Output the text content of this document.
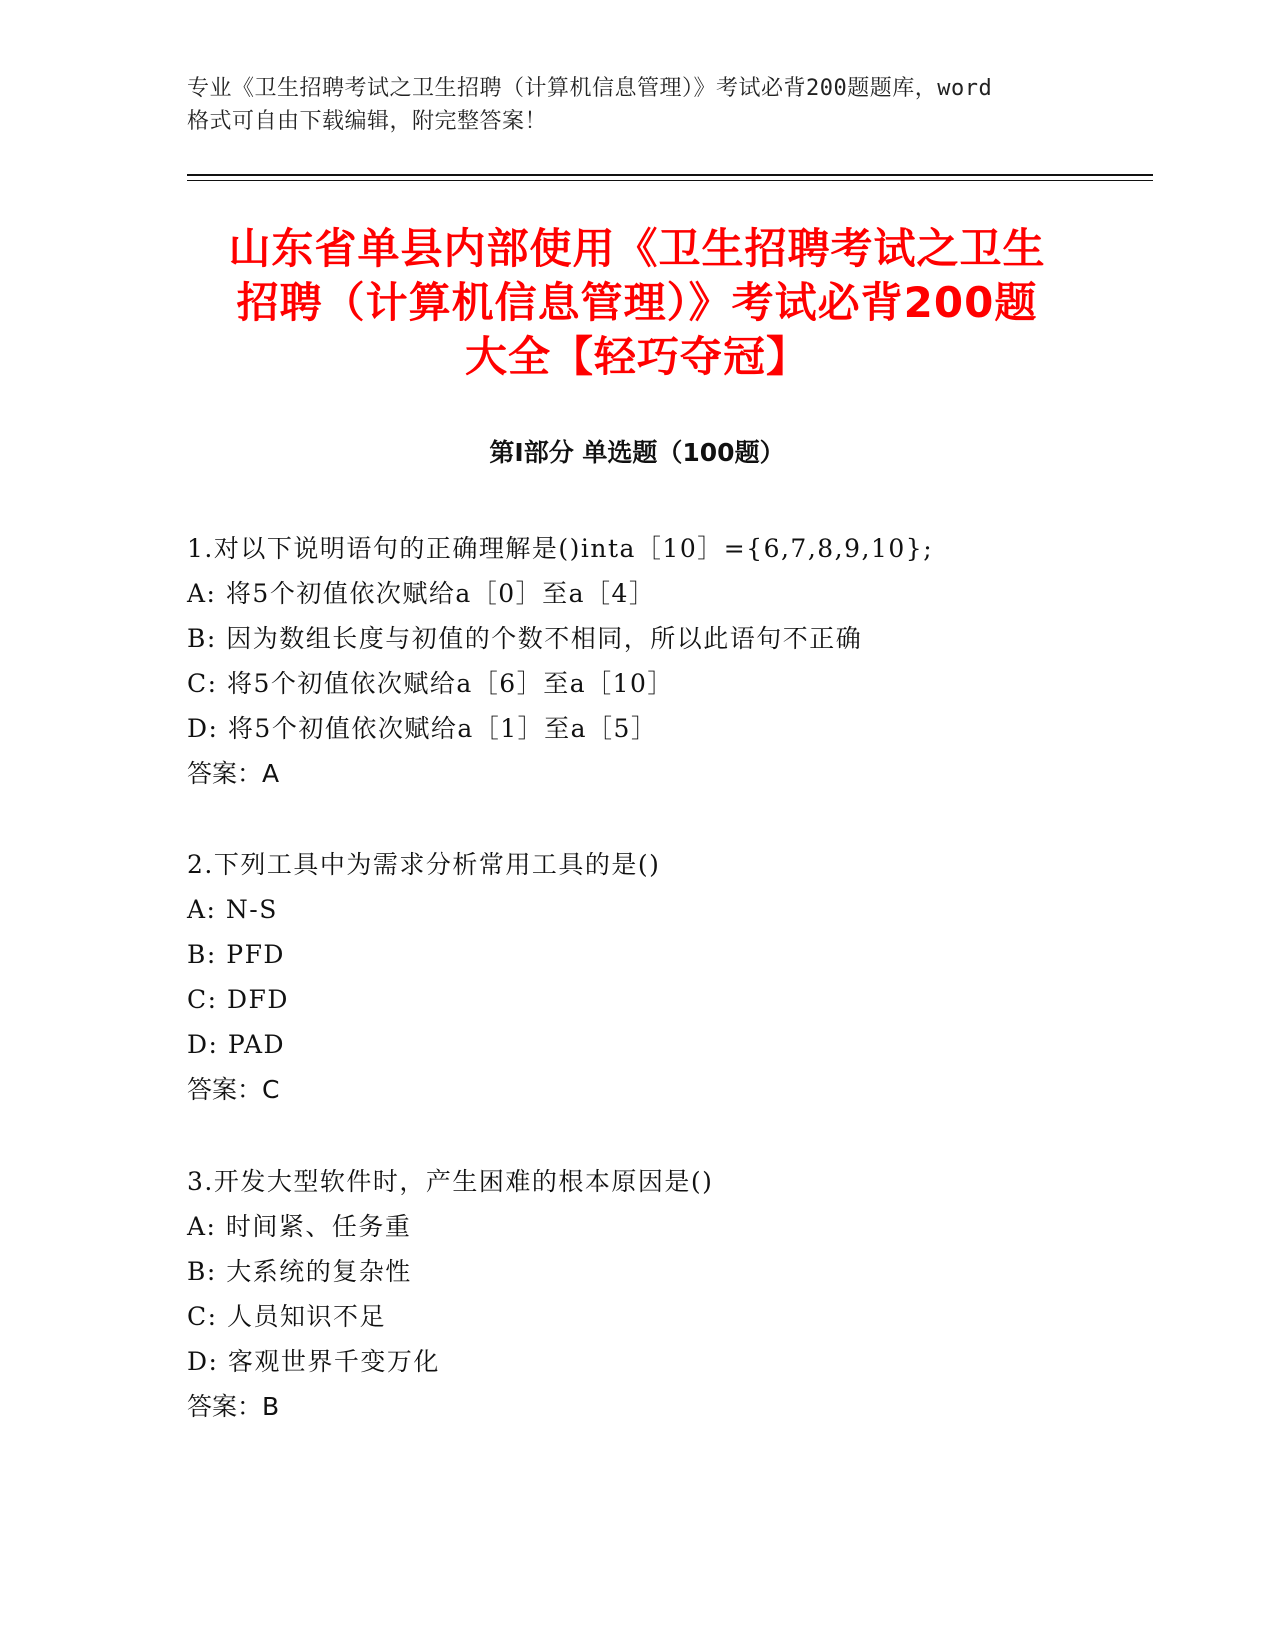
专业《卫生招聘考试之卫生招聘（计算机信息管理）》考试必背200题题库，word
格式可自由下载编辑，附完整答案！
山东省单县内部使用《卫生招聘考试之卫生
招聘（计算机信息管理）》考试必背200题
大全【轻巧夺冠】
第I部分 单选题（100题）
1.对以下说明语句的正确理解是()inta［10］={6,7,8,9,10};
A: 将5个初值依次赋给a［0］至a［4］
B: 因为数组长度与初值的个数不相同，所以此语句不正确
C: 将5个初值依次赋给a［6］至a［10］
D: 将5个初值依次赋给a［1］至a［5］
答案：A
2.下列工具中为需求分析常用工具的是()
A: N-S
B: PFD
C: DFD
D: PAD
答案：C
3.开发大型软件时，产生困难的根本原因是()
A: 时间紧、任务重
B: 大系统的复杂性
C: 人员知识不足
D: 客观世界千变万化
答案：B
